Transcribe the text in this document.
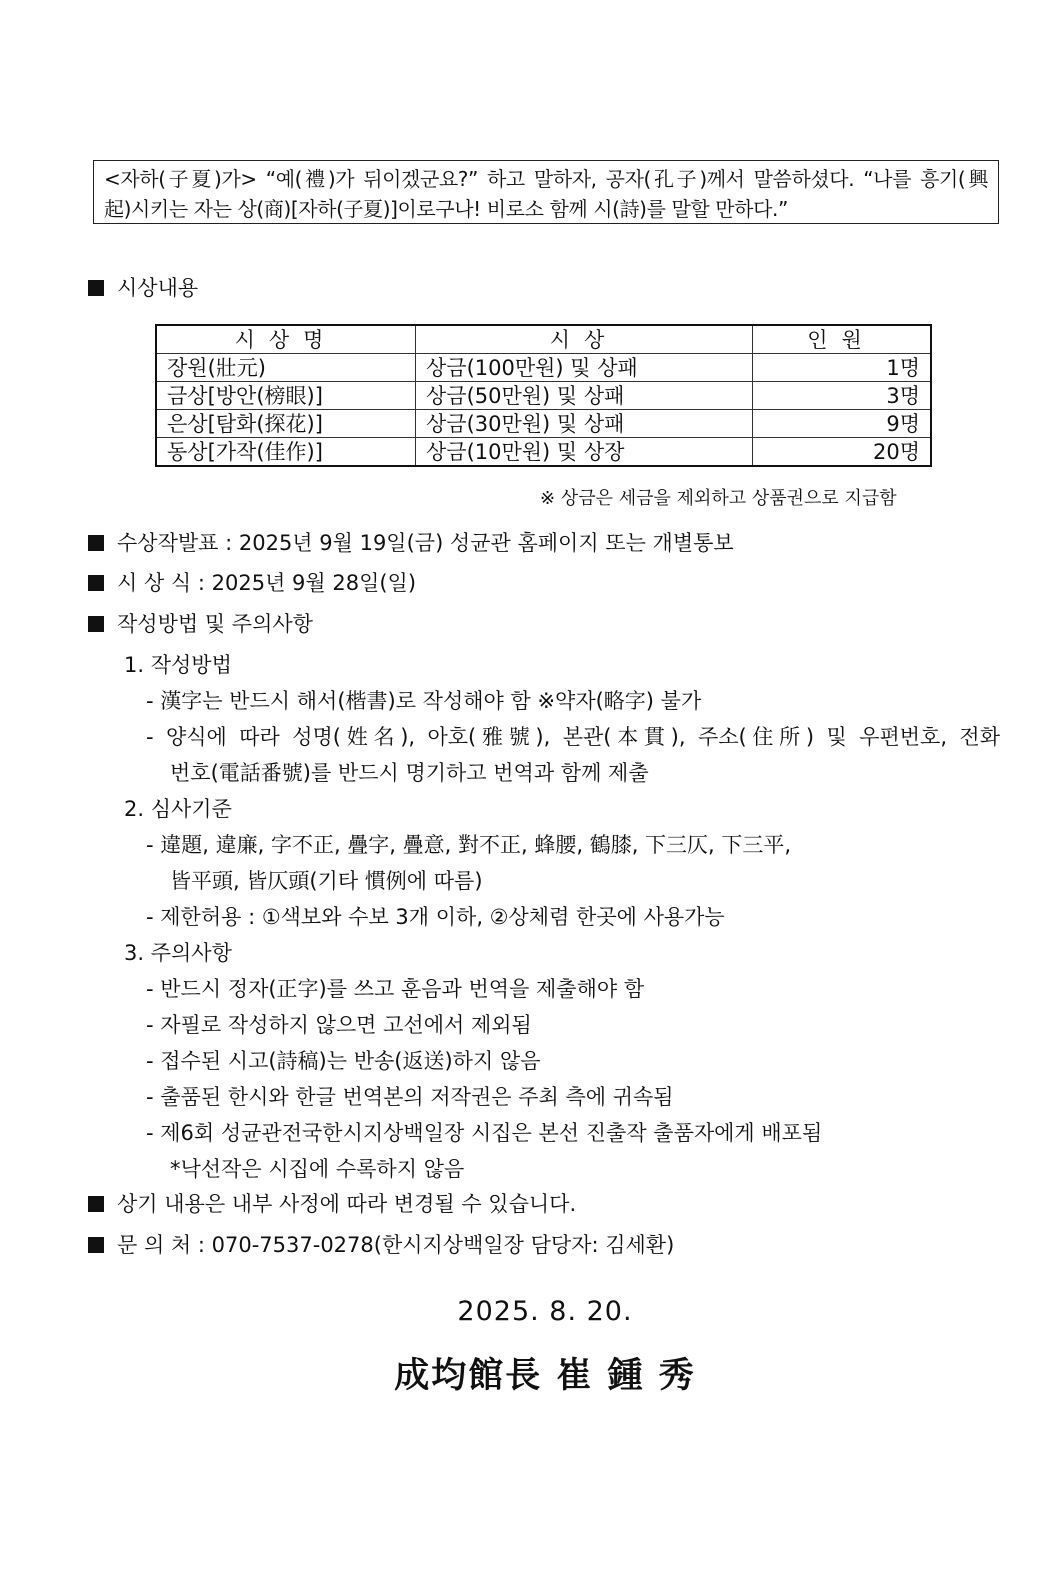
<자하(子夏)가> “예(禮)가 뒤이겠군요?” 하고 말하자, 공자(孔子)께서 말씀하셨다. “나를 흥기(興
起)시키는 자는 상(商)[자하(子夏)]이로구나! 비로소 함께 시(詩)를 말할 만하다.”
시상내용
시상명	시상	인원
장원(壯元)	상금(100만원) 및 상패	1명
금상[방안(榜眼)]	상금(50만원) 및 상패	3명
은상[탐화(探花)]	상금(30만원) 및 상패	9명
동상[가작(佳作)]	상금(10만원) 및 상장	20명
※ 상금은 세금을 제외하고 상품권으로 지급함
수상작발표 : 2025년 9월 19일(금) 성균관 홈페이지 또는 개별통보
시 상 식 : 2025년 9월 28일(일)
작성방법 및 주의사항
1. 작성방법
- 漢字는 반드시 해서(楷書)로 작성해야 함 ※약자(略字) 불가
- 양식에 따라 성명(姓名), 아호(雅號), 본관(本貫), 주소(住所) 및 우편번호, 전화
번호(電話番號)를 반드시 명기하고 번역과 함께 제출
2. 심사기준
- 違題, 違廉, 字不正, 疊字, 疊意, 對不正, 蜂腰, 鶴膝, 下三仄, 下三平,
皆平頭, 皆仄頭(기타 慣例에 따름)
- 제한허용 : ①색보와 수보 3개 이하, ②상체렴 한곳에 사용가능
3. 주의사항
- 반드시 정자(正字)를 쓰고 훈음과 번역을 제출해야 함
- 자필로 작성하지 않으면 고선에서 제외됨
- 접수된 시고(詩稿)는 반송(返送)하지 않음
- 출품된 한시와 한글 번역본의 저작권은 주최 측에 귀속됨
- 제6회 성균관전국한시지상백일장 시집은 본선 진출작 출품자에게 배포됨
*낙선작은 시집에 수록하지 않음
상기 내용은 내부 사정에 따라 변경될 수 있습니다.
문 의 처 : 070-7537-0278(한시지상백일장 담당자: 김세환)
2025. 8. 20.
成均館長 崔 鍾 秀
